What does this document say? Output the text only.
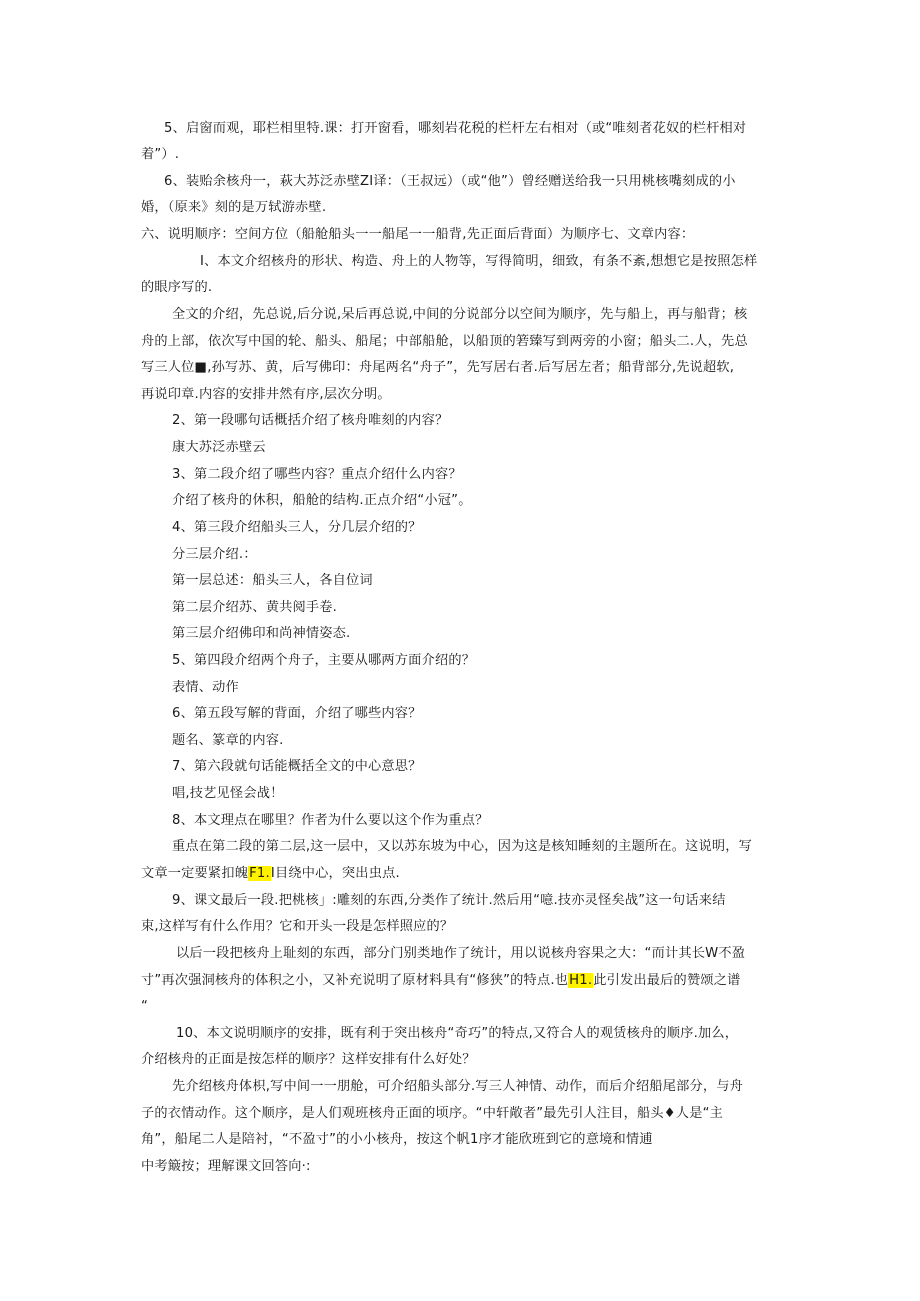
5、启窗而观，耶栏相里特.课：打开窗看，哪刻岩花税的栏杆左右相对（或“唯刻者花奴的栏杆相对
着”）.
6、装贻余核舟一，萩大苏泛赤壁ZI译：（王叔远）（或“他”）曾经赠送给我一只用桃核嘴刻成的小
婚，（原来》刻的是万轼游赤壁.
六、说明顺序：空间方位（船舱船头一一船尾一一船背,先正面后背面）为顺序七、文章内容：
I、本文介绍核舟的形状、构造、舟上的人物等，写得简明，细致，有条不紊,想想它是按照怎样
的眼序写的.
全文的介绍，先总说,后分说,呆后再总说,中间的分说部分以空间为顺序，先与船上，再与船背；核
舟的上部，依次写中国的轮、船头、船尾；中部船舱，以船顶的箬臻写到两旁的小窗；船头二.人，先总
写三人位■,孙写苏、黄，后写佛印：舟尾两名“舟子”，先写居右者.后写居左者；船背部分,先说超软,
再说印章.内容的安排井然有序,层次分明。
2、第一段哪句话概括介绍了核舟唯刻的内容？
康大苏泛赤壁云
3、第二段介绍了哪些内容？重点介绍什么内容？
介绍了核舟的休积，船舱的结构.正点介绍“小冠”。
4、第三段介绍船头三人，分几层介绍的？
分三层介绍.：
第一层总述：船头三人，各自位词
第二层介绍苏、黄共阅手卷.
第三层介绍佛印和尚神情姿态.
5、第四段介绍两个舟子，主要从哪两方面介绍的？
表情、动作
6、第五段写解的背面，介绍了哪些内容？
题名、篆章的内容.
7、第六段就句话能概括全文的中心意思？
唱,技艺见怪会战！
8、本文理点在哪里？作者为什么要以这个作为重点？
重点在第二段的第二层,这一层中，又以苏东坡为中心，因为这是核知睡刻的主题所在。这说明，写
文章一定要紧扣魄F1.I目绕中心，突出虫点.
9、课文最后一段.把桃核」:雕刻的东西,分类作了统计.然后用“噫.技亦灵怪矣战”这一句话来结
束,这样写有什么作用？它和开头一段是怎样照应的？
以后一段把核舟上耻刻的东西，部分门别类地作了统计，用以说核舟容果之大：“而计其长W不盈
寸”再次强洞核舟的体积之小，又补充说明了原材料具有“修狭”的特点.也H1.此引发出最后的赞颂之谱
“
10、本文说明顺序的安排，既有利于突出核舟“奇巧”的特点,又符合人的观赁核舟的顺序.加么，
介绍核舟的正面是按怎样的顺序？这样安排有什么好处？
先介绍核舟体枳,写中间一一朋舱，可介绍船头部分.写三人神情、动作，而后介绍船尾部分，与舟
子的衣情动作。这个顺序，是人们观班核舟正面的顷序。“中轩敞者”最先引人注目，船头♦人是“主
角”，船尾二人是陪衬，“不盈寸”的小小核舟，按这个帆1序才能欣班到它的意境和情逋
中考簸按；理解课文回答向·:
